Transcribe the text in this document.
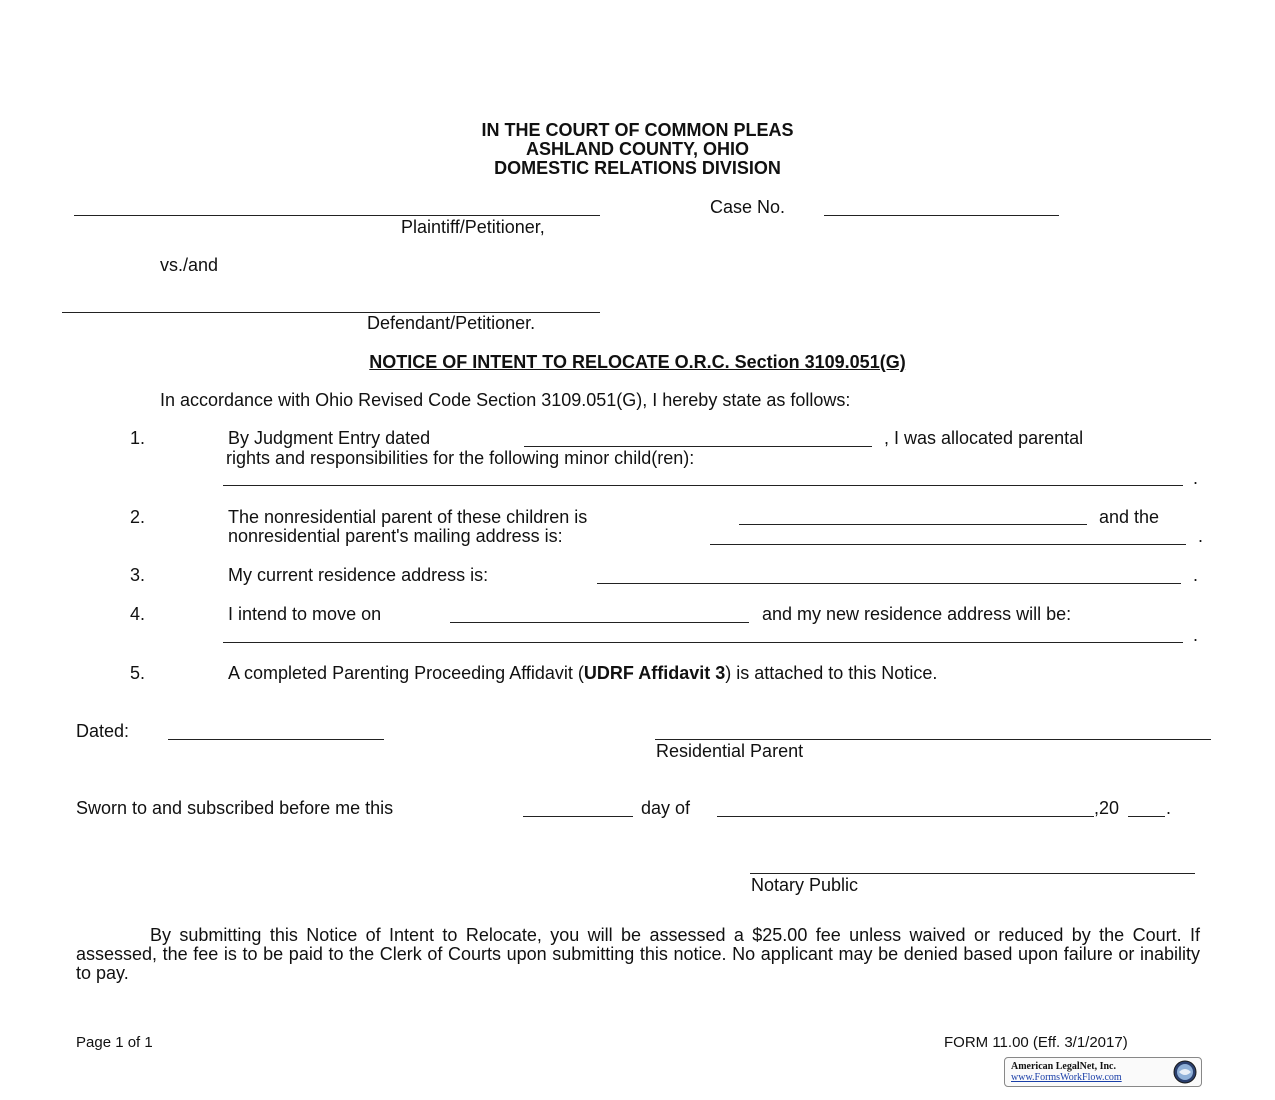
IN THE COURT OF COMMON PLEAS
ASHLAND COUNTY, OHIO
DOMESTIC RELATIONS DIVISION
Plaintiff/Petitioner,
Case No.
vs./and
Defendant/Petitioner.
NOTICE OF INTENT TO RELOCATE O.R.C. Section 3109.051(G)
In accordance with Ohio Revised Code Section 3109.051(G), I hereby state as follows:
1.	By Judgment Entry dated	, I was allocated parental
rights and responsibilities for the following minor child(ren):
.
2.	The nonresidential parent of these children is	and the
nonresidential parent's mailing address is:	.
3.	My current residence address is:	.
4.	I intend to move on	and my new residence address will be:
.
5.	A completed Parenting Proceeding Affidavit (UDRF Affidavit 3) is attached to this Notice.
Dated:
Residential Parent
Sworn to and subscribed before me this	day of	,20	.
Notary Public
By submitting this Notice of Intent to Relocate, you will be assessed a $25.00 fee unless waived or reduced by the Court. If assessed, the fee is to be paid to the Clerk of Courts upon submitting this notice. No applicant may be denied based upon failure or inability to pay.
Page 1 of 1	FORM 11.00 (Eff. 3/1/2017)
American LegalNet, Inc.
www.FormsWorkFlow.com
